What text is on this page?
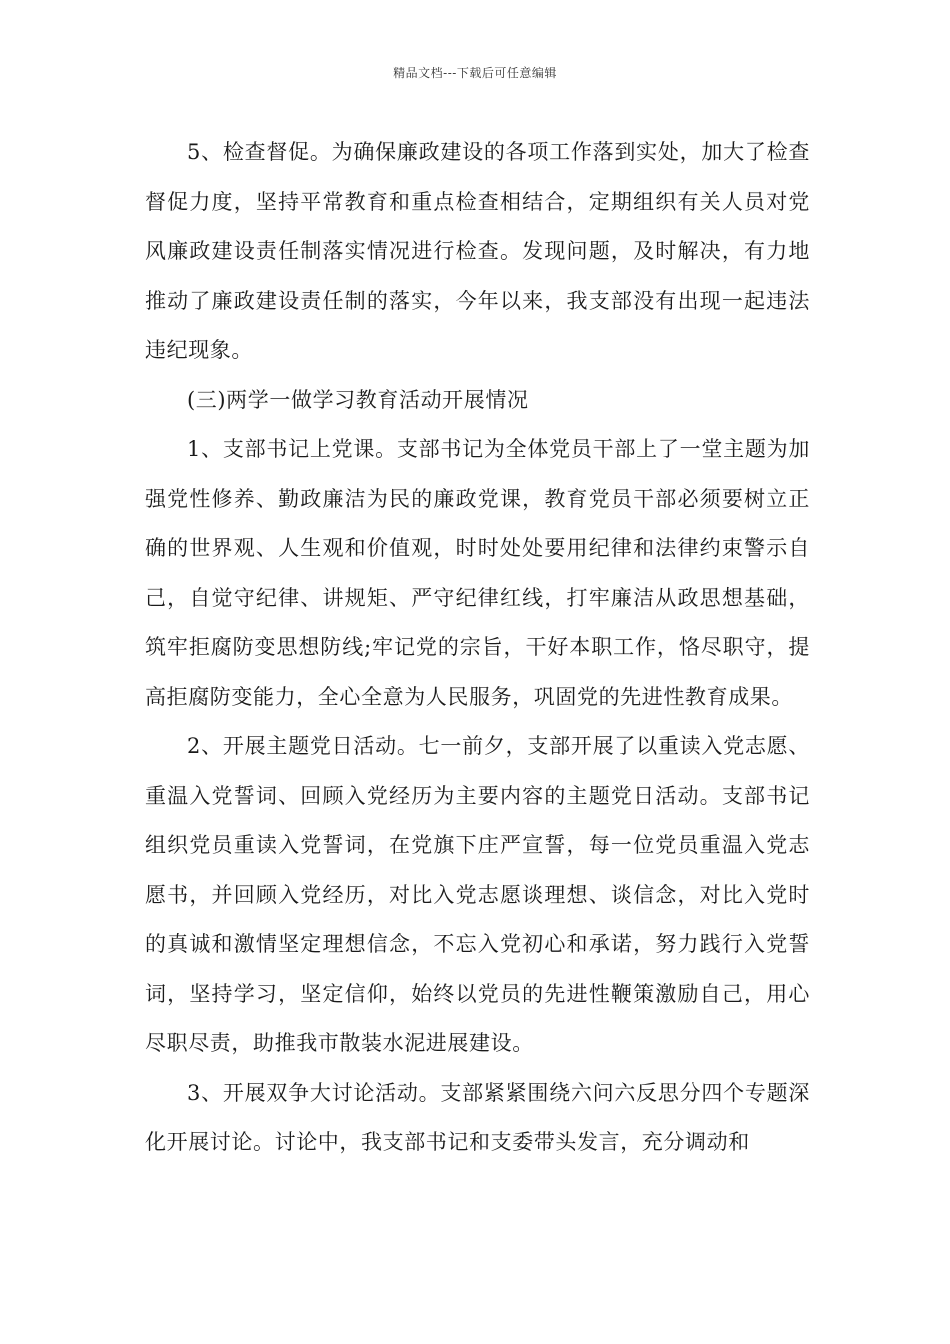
精品文档---下载后可任意编辑

5、检查督促。为确保廉政建设的各项工作落到实处，加大了检查督促力度，坚持平常教育和重点检查相结合，定期组织有关人员对党风廉政建设责任制落实情况进行检查。发现问题，及时解决，有力地推动了廉政建设责任制的落实，今年以来，我支部没有出现一起违法违纪现象。

(三)两学一做学习教育活动开展情况

1、支部书记上党课。支部书记为全体党员干部上了一堂主题为加强党性修养、勤政廉洁为民的廉政党课，教育党员干部必须要树立正确的世界观、人生观和价值观，时时处处要用纪律和法律约束警示自己，自觉守纪律、讲规矩、严守纪律红线，打牢廉洁从政思想基础，筑牢拒腐防变思想防线;牢记党的宗旨，干好本职工作，恪尽职守，提高拒腐防变能力，全心全意为人民服务，巩固党的先进性教育成果。

2、开展主题党日活动。七一前夕，支部开展了以重读入党志愿、重温入党誓词、回顾入党经历为主要内容的主题党日活动。支部书记组织党员重读入党誓词，在党旗下庄严宣誓，每一位党员重温入党志愿书，并回顾入党经历，对比入党志愿谈理想、谈信念，对比入党时的真诚和激情坚定理想信念，不忘入党初心和承诺，努力践行入党誓词，坚持学习，坚定信仰，始终以党员的先进性鞭策激励自己，用心尽职尽责，助推我市散装水泥进展建设。

3、开展双争大讨论活动。支部紧紧围绕六问六反思分四个专题深化开展讨论。讨论中，我支部书记和支委带头发言，充分调动和
